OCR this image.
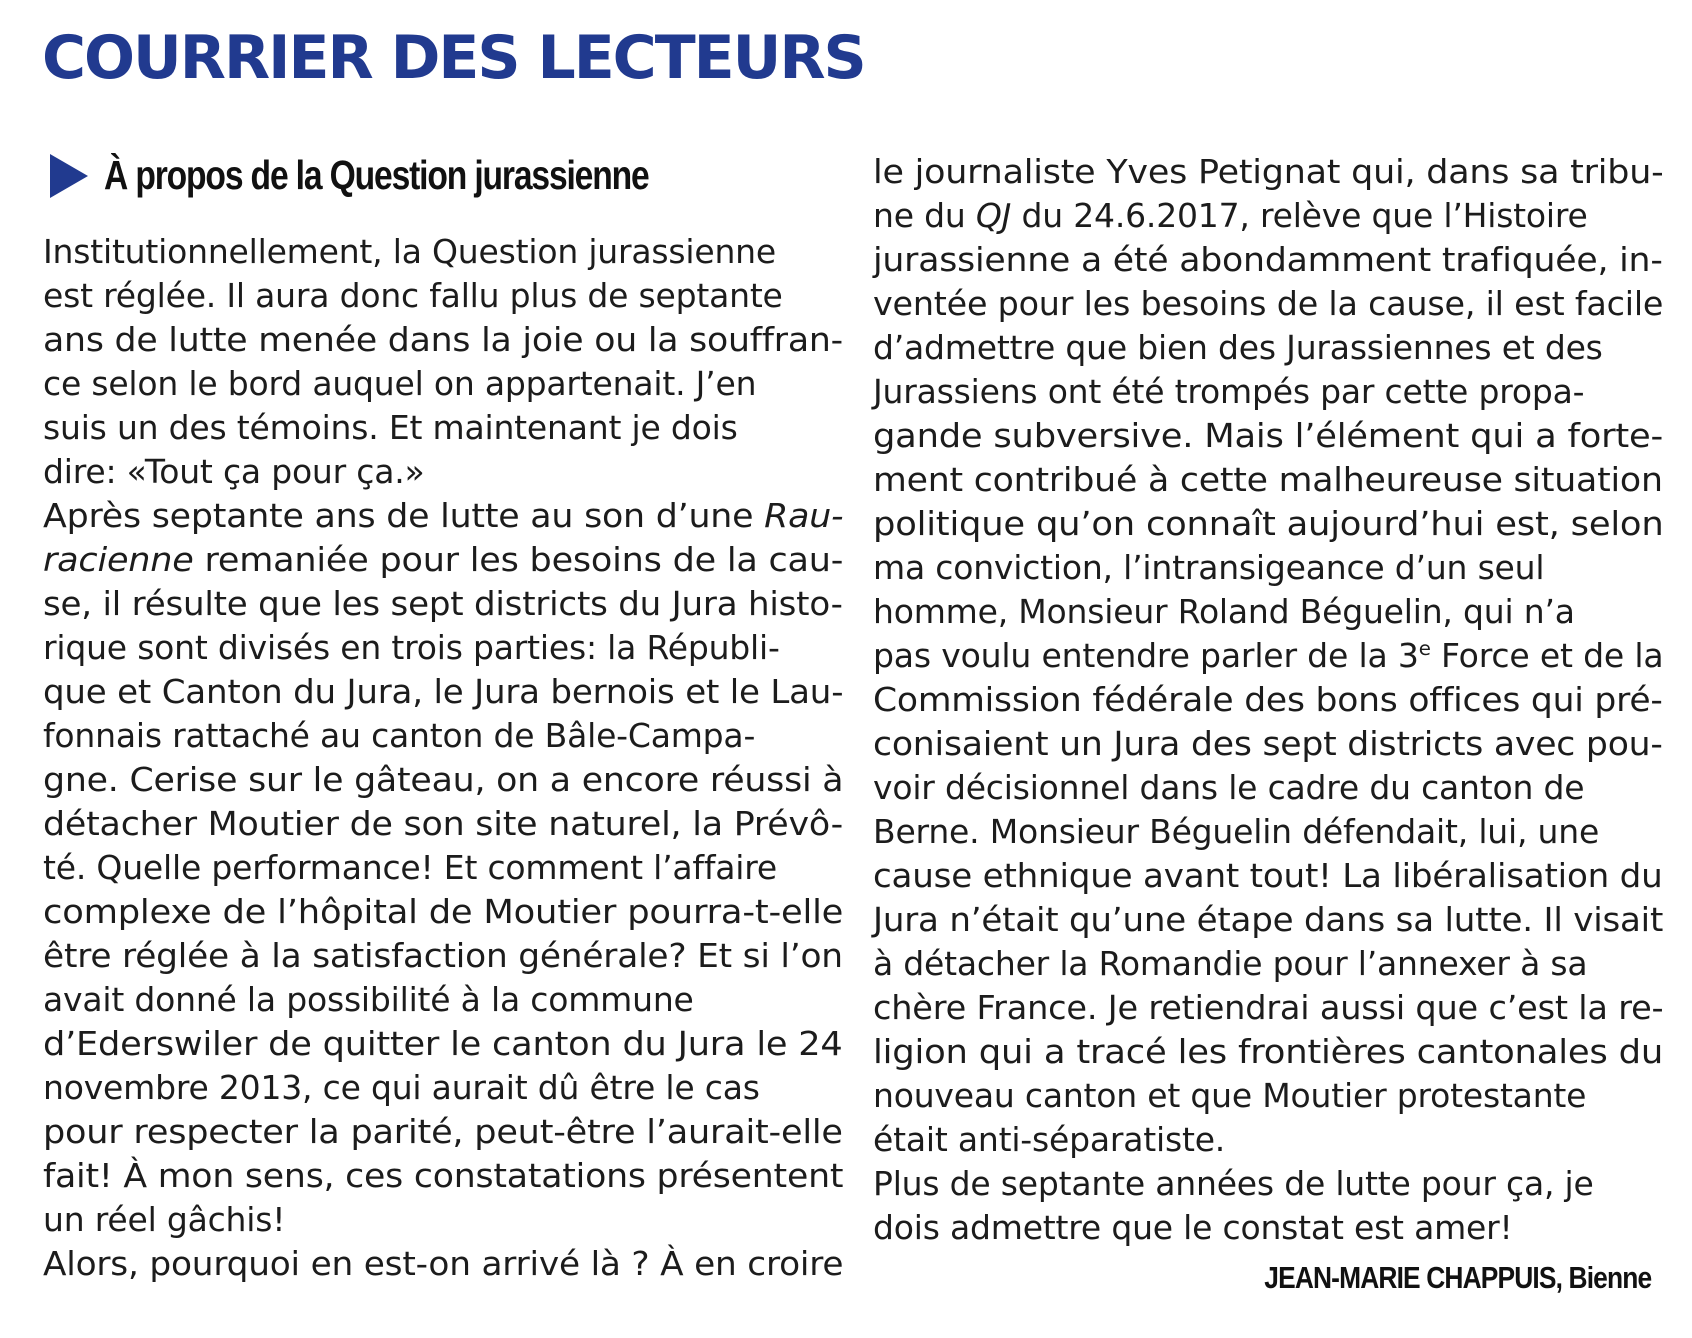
COURRIER DES LECTEURS
À propos de la Question jurassienne
Institutionnellement, la Question jurassienne
est réglée. Il aura donc fallu plus de septante
ans de lutte menée dans la joie ou la souffran-
ce selon le bord auquel on appartenait. J’en
suis un des témoins. Et maintenant je dois
dire: «Tout ça pour ça.»
Après septante ans de lutte au son d’une Rau-
racienne remaniée pour les besoins de la cau-
se, il résulte que les sept districts du Jura histo-
rique sont divisés en trois parties: la Républi-
que et Canton du Jura, le Jura bernois et le Lau-
fonnais rattaché au canton de Bâle-Campa-
gne. Cerise sur le gâteau, on a encore réussi à
détacher Moutier de son site naturel, la Prévô-
té. Quelle performance! Et comment l’affaire
complexe de l’hôpital de Moutier pourra-t-elle
être réglée à la satisfaction générale? Et si l’on
avait donné la possibilité à la commune
d’Ederswiler de quitter le canton du Jura le 24
novembre 2013, ce qui aurait dû être le cas
pour respecter la parité, peut-être l’aurait-elle
fait! À mon sens, ces constatations présentent
un réel gâchis!
Alors, pourquoi en est-on arrivé là ? À en croire
le journaliste Yves Petignat qui, dans sa tribu-
ne du QJ du 24.6.2017, relève que l’Histoire
jurassienne a été abondamment trafiquée, in-
ventée pour les besoins de la cause, il est facile
d’admettre que bien des Jurassiennes et des
Jurassiens ont été trompés par cette propa-
gande subversive. Mais l’élément qui a forte-
ment contribué à cette malheureuse situation
politique qu’on connaît aujourd’hui est, selon
ma conviction, l’intransigeance d’un seul
homme, Monsieur Roland Béguelin, qui n’a
pas voulu entendre parler de la 3e Force et de la
Commission fédérale des bons offices qui pré-
conisaient un Jura des sept districts avec pou-
voir décisionnel dans le cadre du canton de
Berne. Monsieur Béguelin défendait, lui, une
cause ethnique avant tout! La libéralisation du
Jura n’était qu’une étape dans sa lutte. Il visait
à détacher la Romandie pour l’annexer à sa
chère France. Je retiendrai aussi que c’est la re-
ligion qui a tracé les frontières cantonales du
nouveau canton et que Moutier protestante
était anti-séparatiste.
Plus de septante années de lutte pour ça, je
dois admettre que le constat est amer!
JEAN-MARIE CHAPPUIS, Bienne
